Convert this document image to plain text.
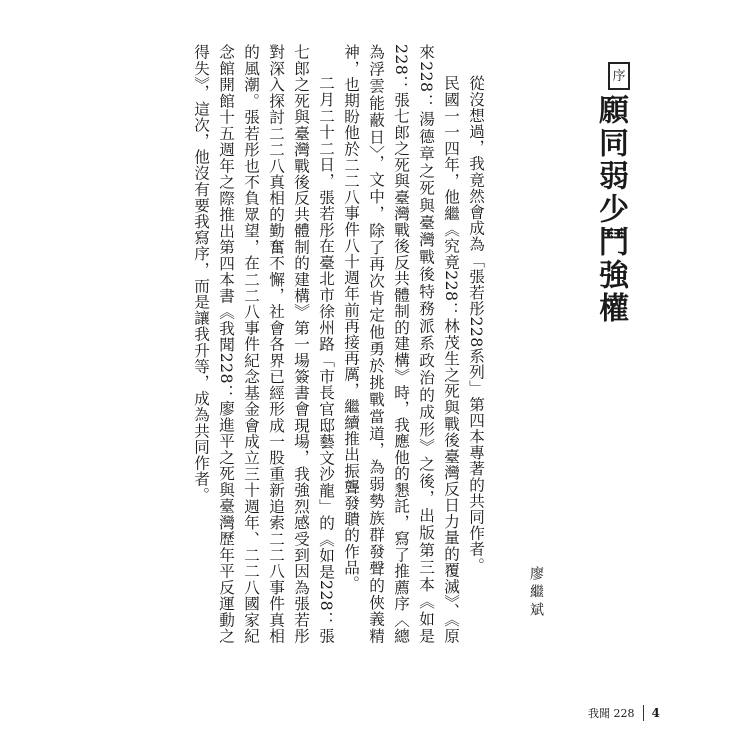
序
願同弱少鬥強權

從沒想過，我竟然會成為「張若彤228系列」第四本專著的共同作者。

民國一一四年，他繼《究竟228：林茂生之死與戰後臺灣反日力量的覆滅》、《原來228：湯德章之死與臺灣戰後特務派系政治的成形》之後，出版第三本《如是228：張七郎之死與臺灣戰後反共體制的建構》時，我應他的懇託，寫了推薦序〈總為浮雲能蔽日〉，文中，除了再次肯定他勇於挑戰當道，為弱勢族群發聲的俠義精神，也期盼他於二二八事件八十週年前再接再厲，繼續推出振聾發聵的作品。

二月二十二日，張若彤在臺北市徐州路「市長官邸藝文沙龍」的《如是228：張七郎之死與臺灣戰後反共體制的建構》第一場簽書會現場，我強烈感受到因為張若彤對深入探討二二八真相的勤奮不懈，社會各界已經形成一股重新追索二二八事件真相的風潮。張若彤也不負眾望，在二二八事件紀念基金會成立三十週年、二二八國家紀念館開館十五週年之際推出第四本書《我聞228：廖進平之死與臺灣歷年平反運動之得失》，這次，他沒有要我寫序，而是讓我升等，成為共同作者。

廖繼斌
我聞 228 4
